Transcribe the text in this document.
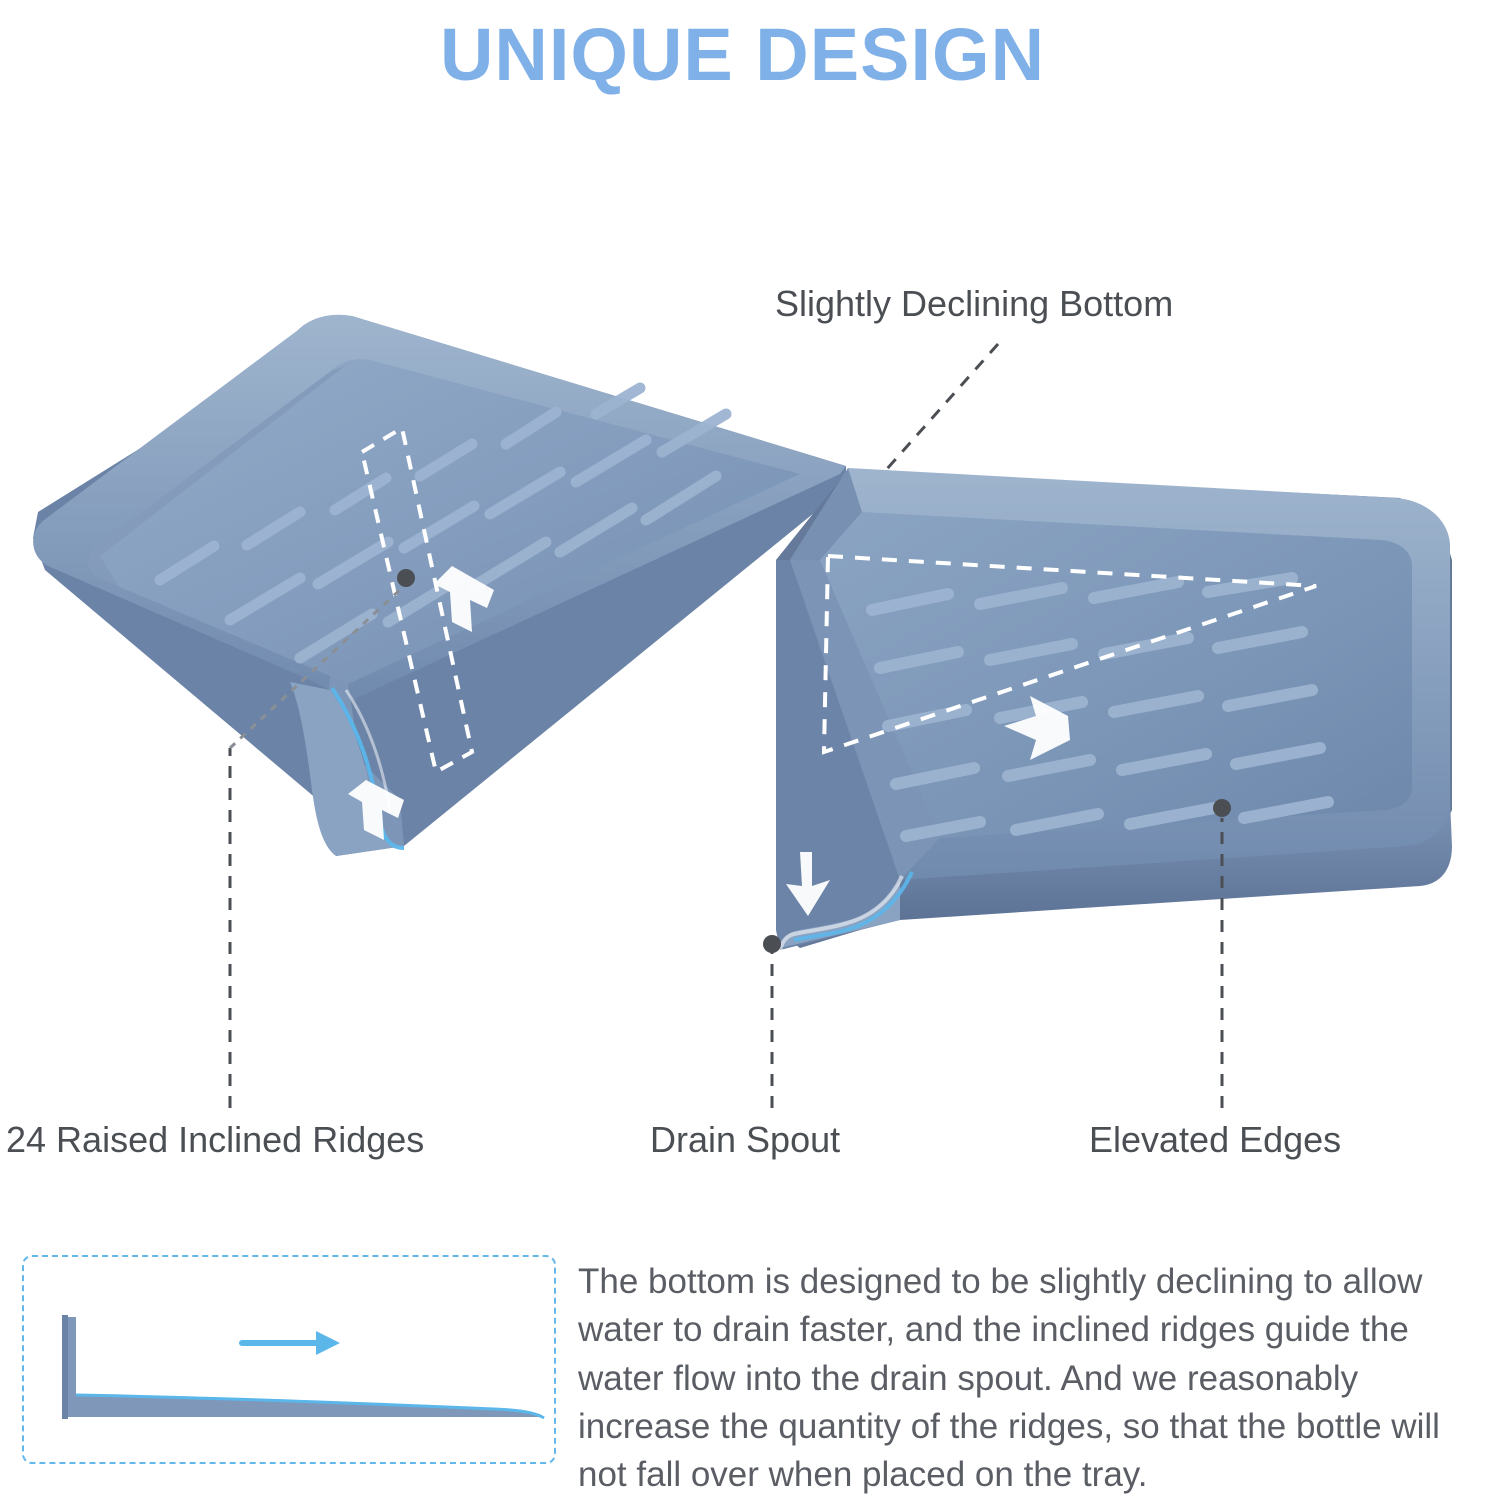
UNIQUE DESIGN
Slightly Declining Bottom
24 Raised Inclined Ridges	Drain Spout	Elevated Edges
The bottom is designed to be slightly declining to allow water to drain faster, and the inclined ridges guide the water flow into the drain spout. And we reasonably increase the quantity of the ridges, so that the bottle will not fall over when placed on the tray.
